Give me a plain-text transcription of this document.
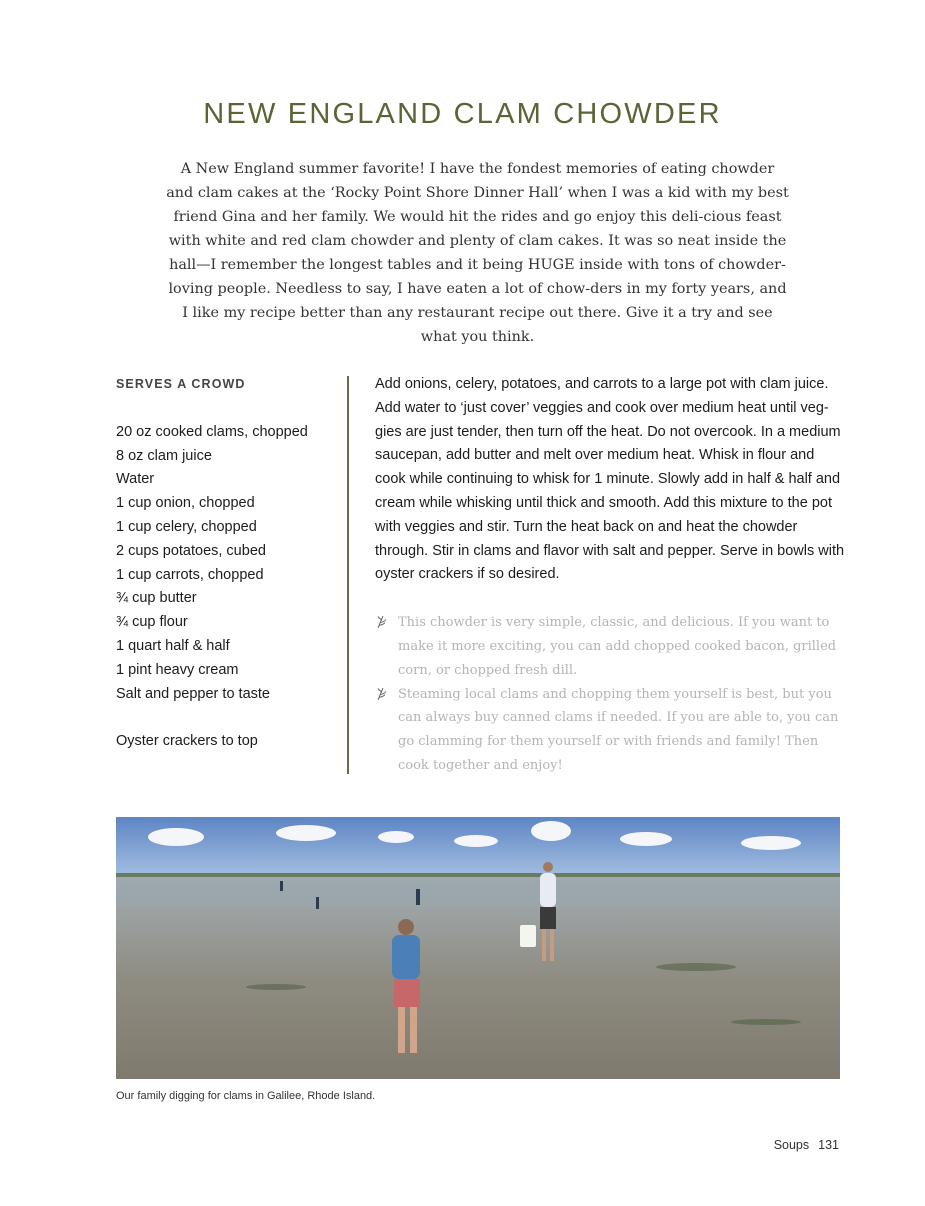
NEW ENGLAND CLAM CHOWDER

A New England summer favorite! I have the fondest memories of eating chowder and clam cakes at the ‘Rocky Point Shore Dinner Hall’ when I was a kid with my best friend Gina and her family. We would hit the rides and go enjoy this deli-cious feast with white and red clam chowder and plenty of clam cakes. It was so neat inside the hall—I remember the longest tables and it being HUGE inside with tons of chowder-loving people. Needless to say, I have eaten a lot of chow-ders in my forty years, and I like my recipe better than any restaurant recipe out there. Give it a try and see what you think.

SERVES A CROWD
20 oz cooked clams, chopped
8 oz clam juice
Water
1 cup onion, chopped
1 cup celery, chopped
2 cups potatoes, cubed
1 cup carrots, chopped
¾ cup butter
¾ cup flour
1 quart half & half
1 pint heavy cream
Salt and pepper to taste
Oyster crackers to top

Add onions, celery, potatoes, and carrots to a large pot with clam juice. Add water to ‘just cover’ veggies and cook over medium heat until veg-gies are just tender, then turn off the heat. Do not overcook. In a medium saucepan, add butter and melt over medium heat. Whisk in flour and cook while continuing to whisk for 1 minute. Slowly add in half & half and cream while whisking until thick and smooth. Add this mixture to the pot with veggies and stir. Turn the heat back on and heat the chowder through. Stir in clams and flavor with salt and pepper. Serve in bowls with oyster crackers if so desired.

This chowder is very simple, classic, and delicious. If you want to make it more exciting, you can add chopped cooked bacon, grilled corn, or chopped fresh dill.
Steaming local clams and chopping them yourself is best, but you can always buy canned clams if needed. If you are able to, you can go clamming for them yourself or with friends and family! Then cook together and enjoy!

Our family digging for clams in Galilee, Rhode Island.

Soups 131
